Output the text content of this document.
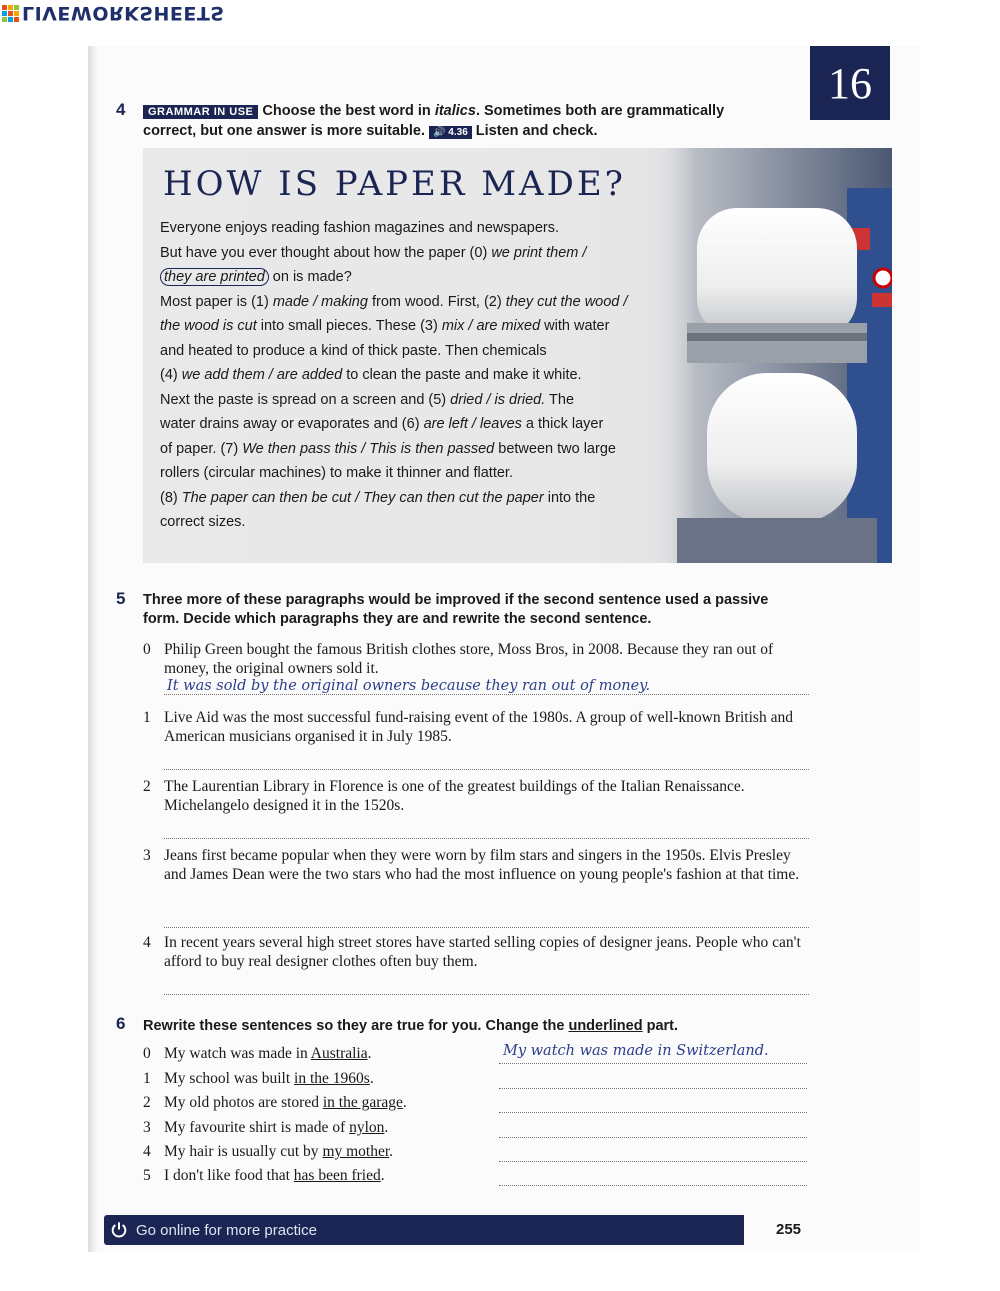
LIVEWORKSHEETS
16
4	GRAMMAR IN USE Choose the best word in italics. Sometimes both are grammatically
correct, but one answer is more suitable. 🔊 4.36 Listen and check.
HOW IS PAPER MADE?
Everyone enjoys reading fashion magazines and newspapers.
But have you ever thought about how the paper (0) we print them /
they are printed on is made?
Most paper is (1) made / making from wood. First, (2) they cut the wood /
the wood is cut into small pieces. These (3) mix / are mixed with water
and heated to produce a kind of thick paste. Then chemicals
(4) we add them / are added to clean the paste and make it white.
Next the paste is spread on a screen and (5) dried / is dried. The
water drains away or evaporates and (6) are left / leaves a thick layer
of paper. (7) We then pass this / This is then passed between two large
rollers (circular machines) to make it thinner and flatter.
(8) The paper can then be cut / They can then cut the paper into the
correct sizes.
5 Three more of these paragraphs would be improved if the second sentence used a passive
form. Decide which paragraphs they are and rewrite the second sentence.
0 Philip Green bought the famous British clothes store, Moss Bros, in 2008. Because they ran out of money, the original owners sold it.
It was sold by the original owners because they ran out of money.
1 Live Aid was the most successful fund-raising event of the 1980s. A group of well-known British and American musicians organised it in July 1985.
2 The Laurentian Library in Florence is one of the greatest buildings of the Italian Renaissance. Michelangelo designed it in the 1520s.
3 Jeans first became popular when they were worn by film stars and singers in the 1950s. Elvis Presley and James Dean were the two stars who had the most influence on young people's fashion at that time.
4 In recent years several high street stores have started selling copies of designer jeans. People who can't afford to buy real designer clothes often buy them.
6 Rewrite these sentences so they are true for you. Change the underlined part.
0 My watch was made in Australia.	My watch was made in Switzerland.
1 My school was built in the 1960s.
2 My old photos are stored in the garage.
3 My favourite shirt is made of nylon.
4 My hair is usually cut by my mother.
5 I don't like food that has been fried.
Go online for more practice	255
